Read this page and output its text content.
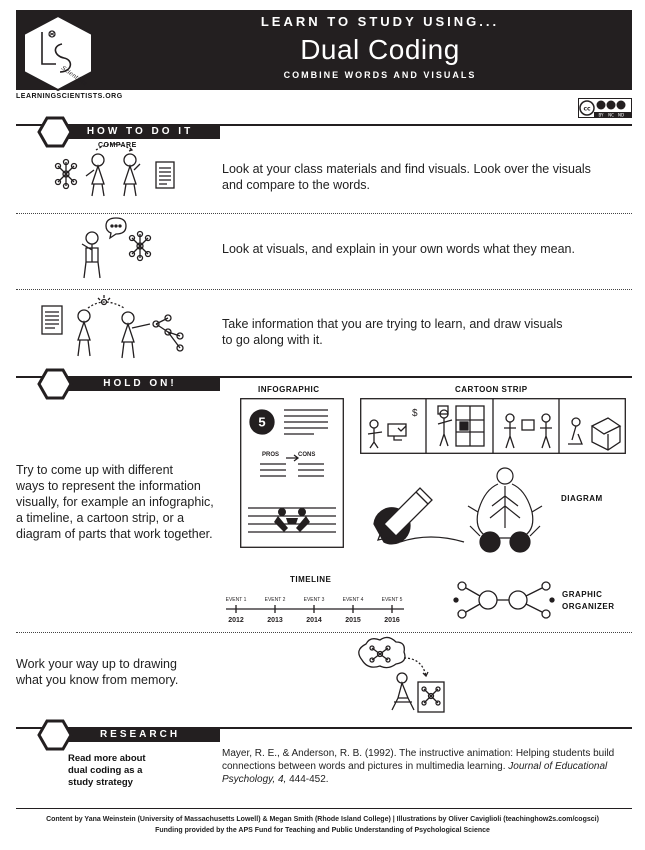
Scientists
LEARN TO STUDY USING...
Dual Coding
COMBINE WORDS AND VISUALS
LEARNINGSCIENTISTS.ORG
cc
BY NC ND
HOW TO DO IT
COMPARE
Look at your class materials and find visuals. Look over the visuals
and compare to the words.
Look at visuals, and explain in your own words what they mean.
Take information that you are trying to learn, and draw visuals
to go along with it.
HOLD ON!
Try to come up with different
ways to represent the information
visually, for example an infographic,
a timeline, a cartoon strip, or a
diagram of parts that work together.
INFOGRAPHIC
5
PROS	CONS
CARTOON STRIP
$
DIAGRAM
TIMELINE
EVENT 1	EVENT 2	EVENT 3	EVENT 4	EVENT 5
2012	2013	2014	2015	2016
GRAPHIC
ORGANIZER
Work your way up to drawing
what you know from memory.
RESEARCH
Read more about
dual coding as a
study strategy
Mayer, R. E., & Anderson, R. B. (1992). The instructive animation: Helping students build
connections between words and pictures in multimedia learning. Journal of Educational
Psychology, 4, 444-452.
Content by Yana Weinstein (University of Massachusetts Lowell) & Megan Smith (Rhode Island College) | Illustrations by Oliver Caviglioli (teachinghow2s.com/cogsci)
Funding provided by the APS Fund for Teaching and Public Understanding of Psychological Science
